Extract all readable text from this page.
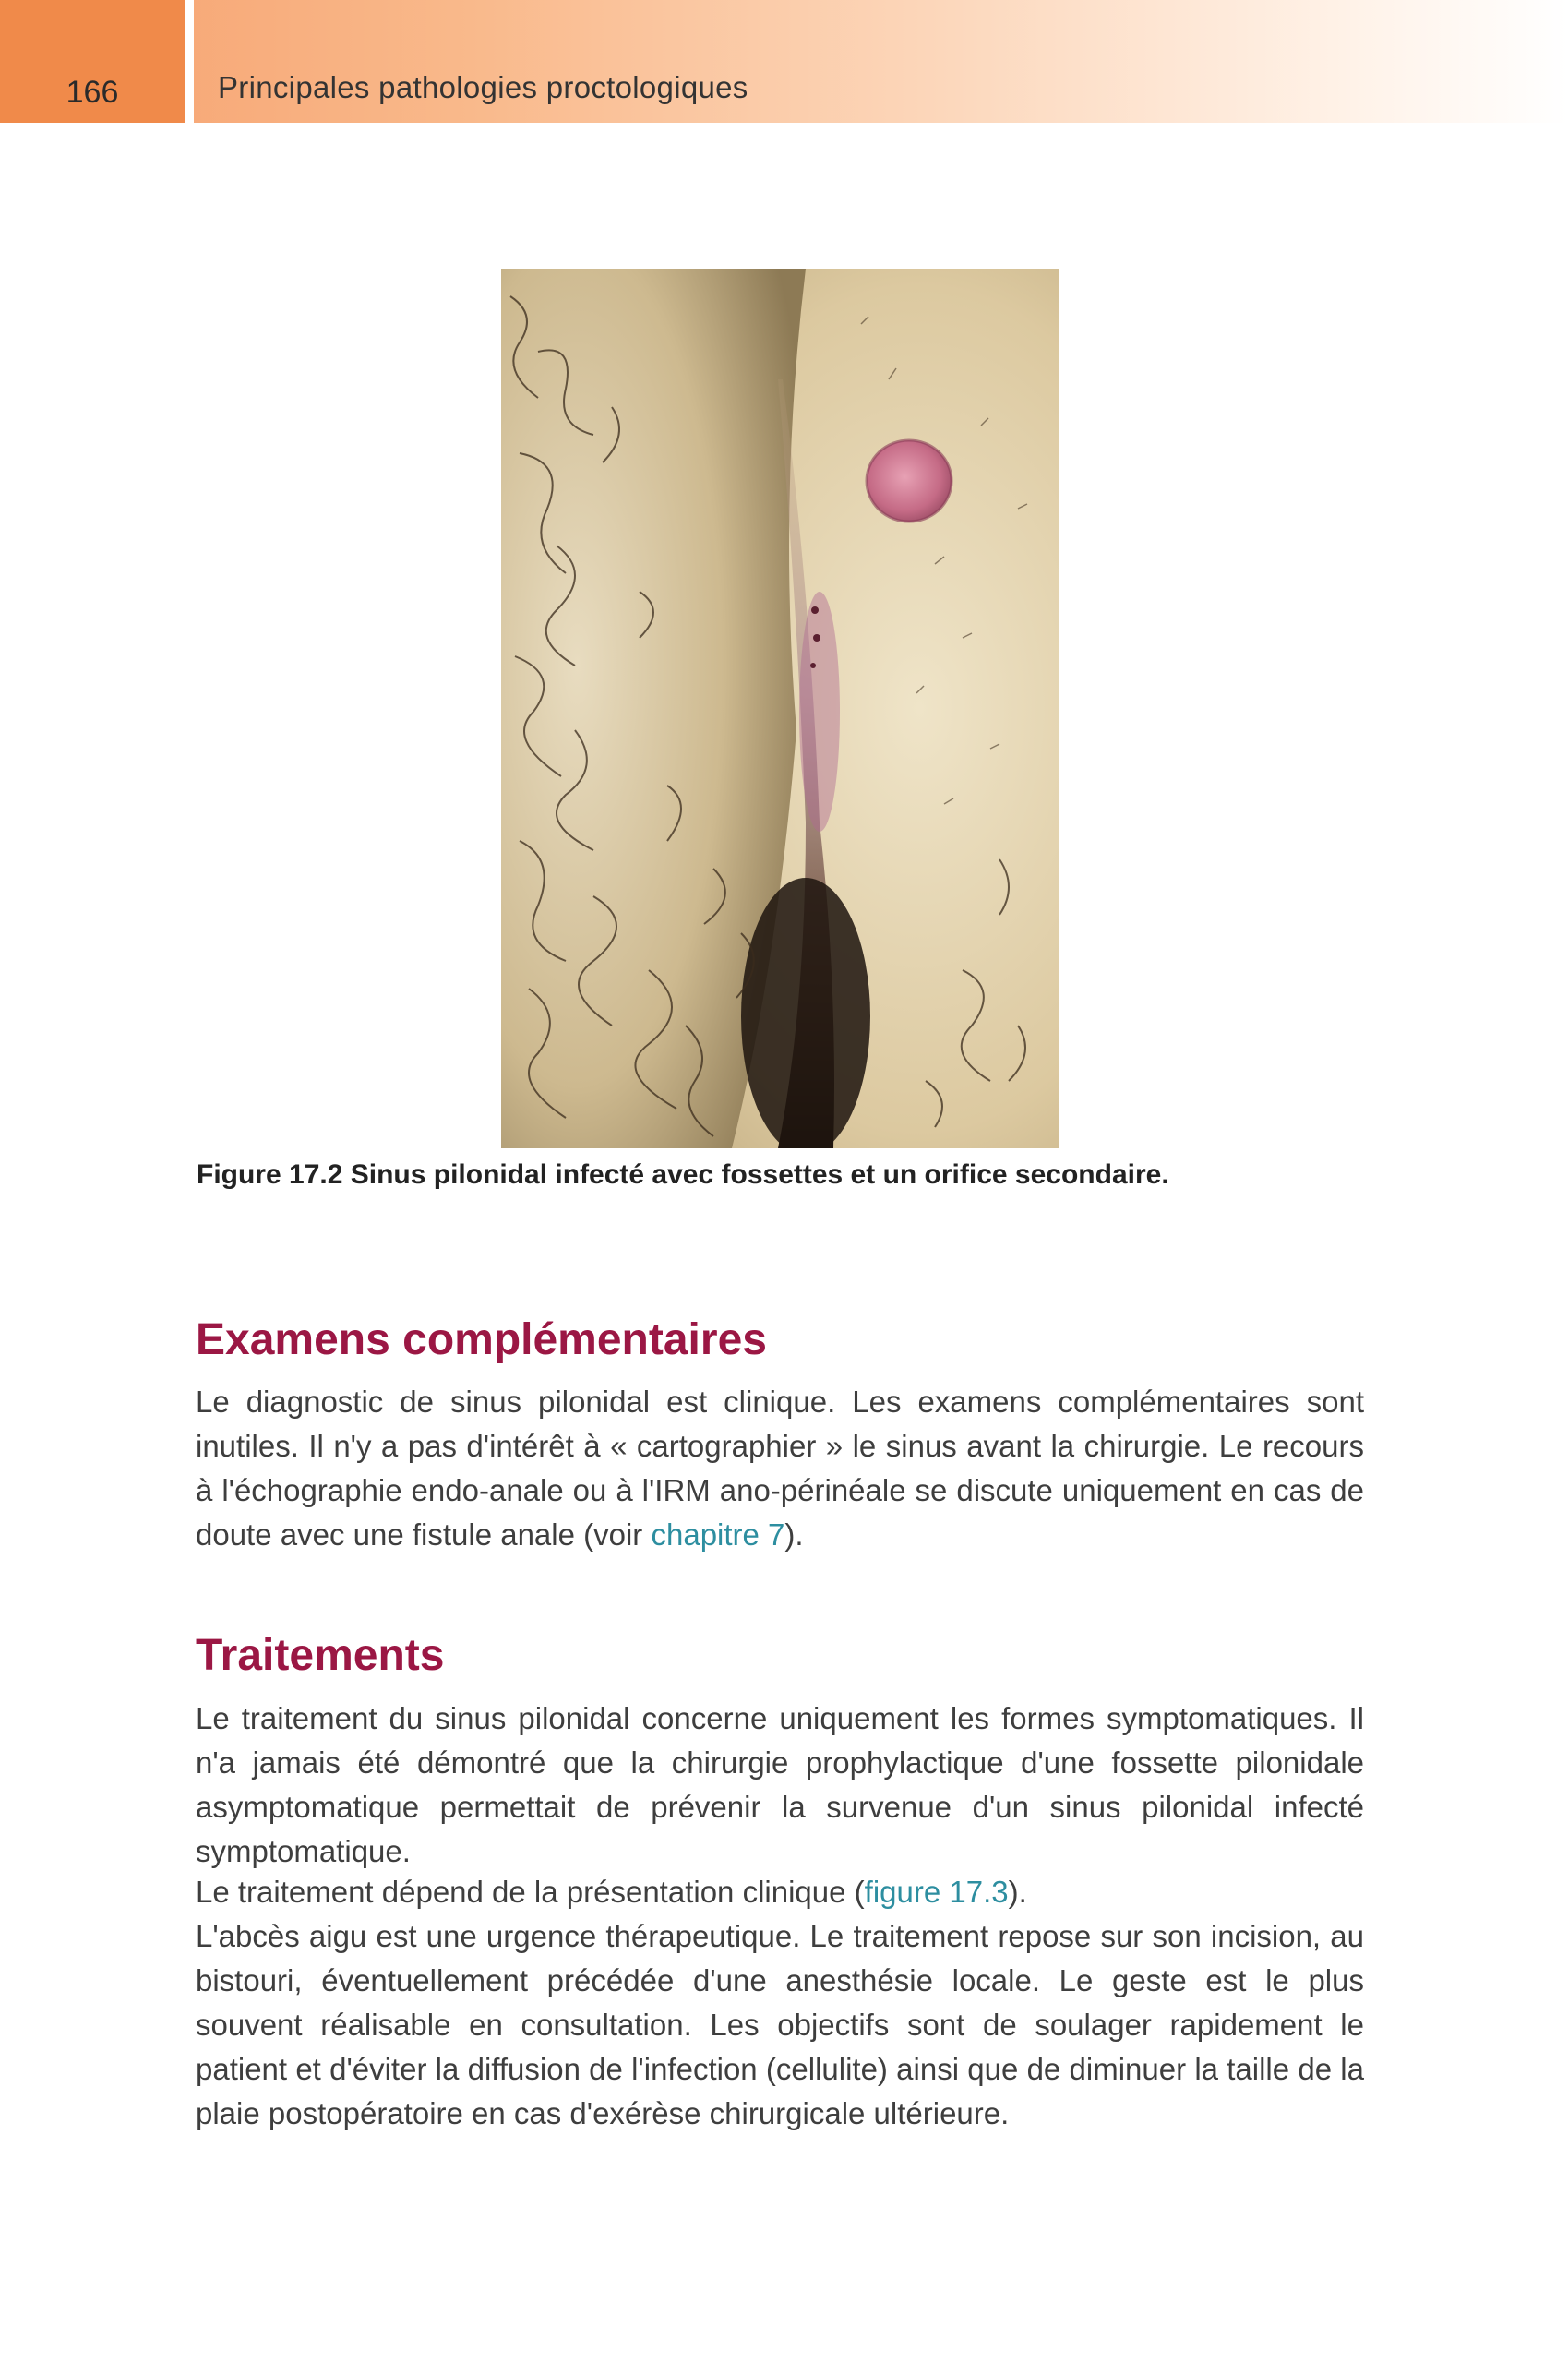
166	Principales pathologies proctologiques
Figure 17.2 Sinus pilonidal infecté avec fossettes et un orifice secondaire.
Examens complémentaires
Le diagnostic de sinus pilonidal est clinique. Les examens complémentaires sont inutiles. Il n'y a pas d'intérêt à « cartographier » le sinus avant la chirurgie. Le recours à l'échographie endo-anale ou à l'IRM ano-périnéale se discute uniquement en cas de doute avec une fistule anale (voir chapitre 7).
Traitements
Le traitement du sinus pilonidal concerne uniquement les formes symptomatiques. Il n'a jamais été démontré que la chirurgie prophylactique d'une fossette pilonidale asymptomatique permettait de prévenir la survenue d'un sinus pilonidal infecté symptomatique.
Le traitement dépend de la présentation clinique (figure 17.3).
L'abcès aigu est une urgence thérapeutique. Le traitement repose sur son incision, au bistouri, éventuellement précédée d'une anesthésie locale. Le geste est le plus souvent réalisable en consultation. Les objectifs sont de soulager rapidement le patient et d'éviter la diffusion de l'infection (cellulite) ainsi que de diminuer la taille de la plaie postopératoire en cas d'exérèse chirurgicale ultérieure.
